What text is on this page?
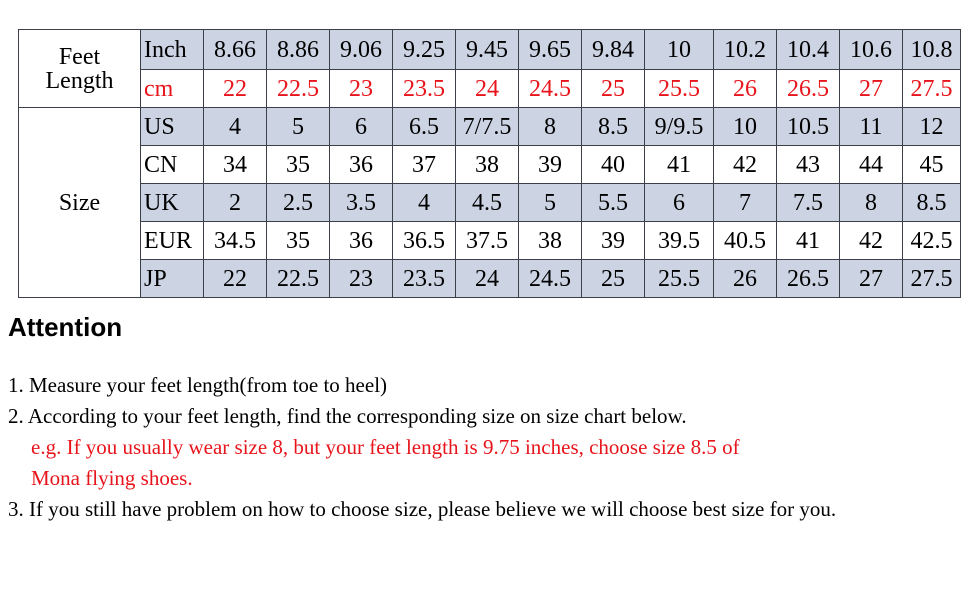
Feet
Length	Inch	8.66	8.86	9.06	9.25	9.45	9.65	9.84	10	10.2	10.4	10.6	10.8
	cm	22	22.5	23	23.5	24	24.5	25	25.5	26	26.5	27	27.5
Size	US	4	5	6	6.5	7/7.5	8	8.5	9/9.5	10	10.5	11	12
	CN	34	35	36	37	38	39	40	41	42	43	44	45
	UK	2	2.5	3.5	4	4.5	5	5.5	6	7	7.5	8	8.5
	EUR	34.5	35	36	36.5	37.5	38	39	39.5	40.5	41	42	42.5
	JP	22	22.5	23	23.5	24	24.5	25	25.5	26	26.5	27	27.5
Attention
1. Measure your feet length(from toe to heel)
2. According to your feet length, find the corresponding size on size chart below.
e.g. If you usually wear size 8, but your feet length is 9.75 inches, choose size 8.5 of
Mona flying shoes.
3. If you still have problem on how to choose size, please believe we will choose best size for you.
